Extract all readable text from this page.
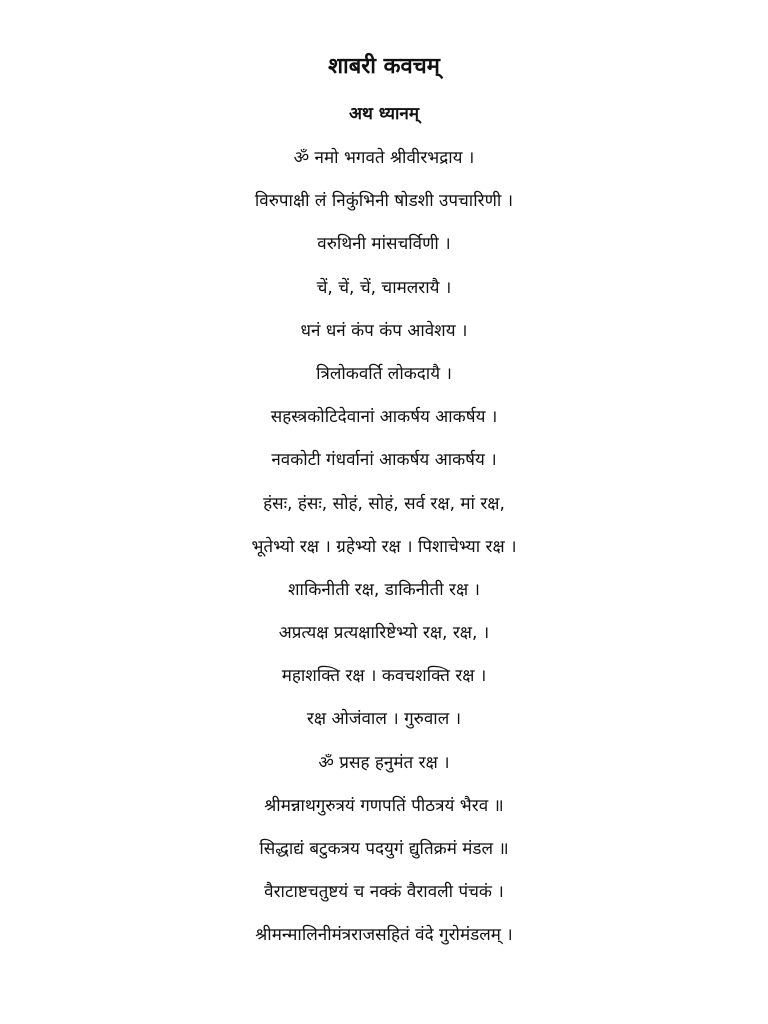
शाबरी कवचम्
अथ ध्यानम्
ॐ नमो भगवते श्रीवीरभद्राय ।
विरुपाक्षी लं निकुंभिनी षोडशी उपचारिणी ।
वरुथिनी मांसचर्विणी ।
चें, चें, चें, चामलरायै ।
धनं धनं कंप कंप आवेशय ।
त्रिलोकवर्ति लोकदायै ।
सहस्त्रकोटिदेवानां आकर्षय आकर्षय ।
नवकोटी गंधर्वानां आकर्षय आकर्षय ।
हंसः, हंसः, सोहं, सोहं, सर्व रक्ष, मां रक्ष,
भूतेभ्यो रक्ष । ग्रहेभ्यो रक्ष । पिशाचेभ्या रक्ष ।
शाकिनीती रक्ष, डाकिनीती रक्ष ।
अप्रत्यक्ष प्रत्यक्षारिष्टेभ्यो रक्ष, रक्ष, ।
महाशक्ति रक्ष । कवचशक्ति रक्ष ।
रक्ष ओजंवाल । गुरुवाल ।
ॐ प्रसह हनुमंत रक्ष ।
श्रीमन्नाथगुरुत्रयं गणपतिं पीठत्रयं भैरव ॥
सिद्धाद्यं बटुकत्रय पदयुगं द्युतिक्रमं मंडल ॥
वैराटाष्टचतुष्टयं च नक्कं वैरावली पंचकं ।
श्रीमन्मालिनीमंत्रराजसहितं वंदे गुरोमंडलम् ।
